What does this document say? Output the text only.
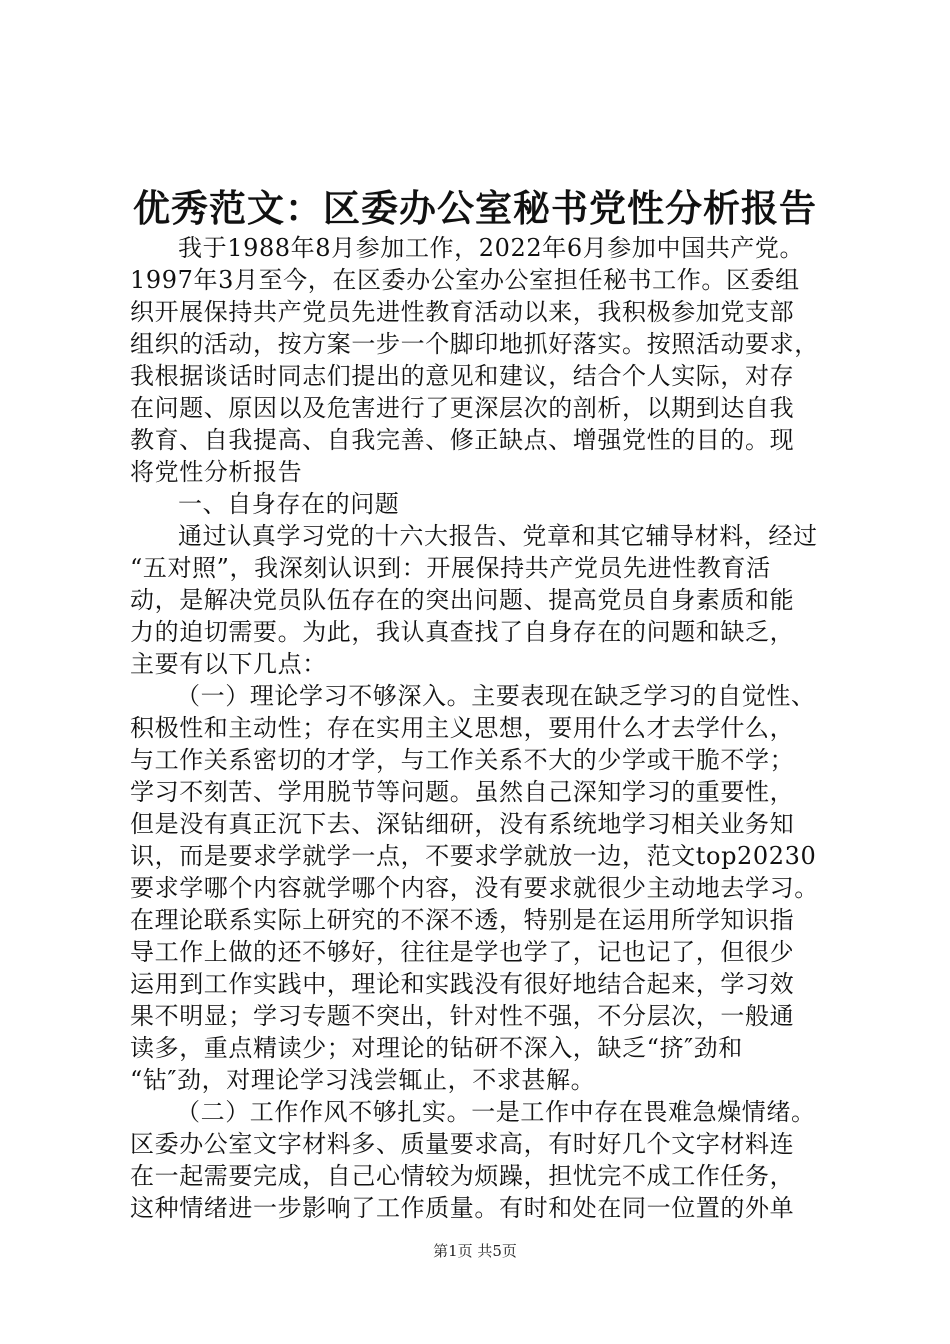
优秀范文：区委办公室秘书党性分析报告
我于1988年8月参加工作，2022年6月参加中国共产党。
1997年3月至今，在区委办公室办公室担任秘书工作。区委组
织开展保持共产党员先进性教育活动以来，我积极参加党支部
组织的活动，按方案一步一个脚印地抓好落实。按照活动要求，
我根据谈话时同志们提出的意见和建议，结合个人实际，对存
在问题、原因以及危害进行了更深层次的剖析，以期到达自我
教育、自我提高、自我完善、修正缺点、增强党性的目的。现
将党性分析报告
一、自身存在的问题
通过认真学习党的十六大报告、党章和其它辅导材料，经过
“五对照”，我深刻认识到：开展保持共产党员先进性教育活
动，是解决党员队伍存在的突出问题、提高党员自身素质和能
力的迫切需要。为此，我认真查找了自身存在的问题和缺乏，
主要有以下几点：
（一）理论学习不够深入。主要表现在缺乏学习的自觉性、
积极性和主动性；存在实用主义思想，要用什么才去学什么，
与工作关系密切的才学，与工作关系不大的少学或干脆不学；
学习不刻苦、学用脱节等问题。虽然自己深知学习的重要性，
但是没有真正沉下去、深钻细研，没有系统地学习相关业务知
识，而是要求学就学一点，不要求学就放一边，范文top20230
要求学哪个内容就学哪个内容，没有要求就很少主动地去学习。
在理论联系实际上研究的不深不透，特别是在运用所学知识指
导工作上做的还不够好，往往是学也学了，记也记了，但很少
运用到工作实践中，理论和实践没有很好地结合起来，学习效
果不明显；学习专题不突出，针对性不强，不分层次，一般通
读多，重点精读少；对理论的钻研不深入，缺乏“挤″劲和
“钻″劲，对理论学习浅尝辄止，不求甚解。
（二）工作作风不够扎实。一是工作中存在畏难急燥情绪。
区委办公室文字材料多、质量要求高，有时好几个文字材料连
在一起需要完成，自己心情较为烦躁，担忧完不成工作任务，
这种情绪进一步影响了工作质量。有时和处在同一位置的外单
第1页 共5页
